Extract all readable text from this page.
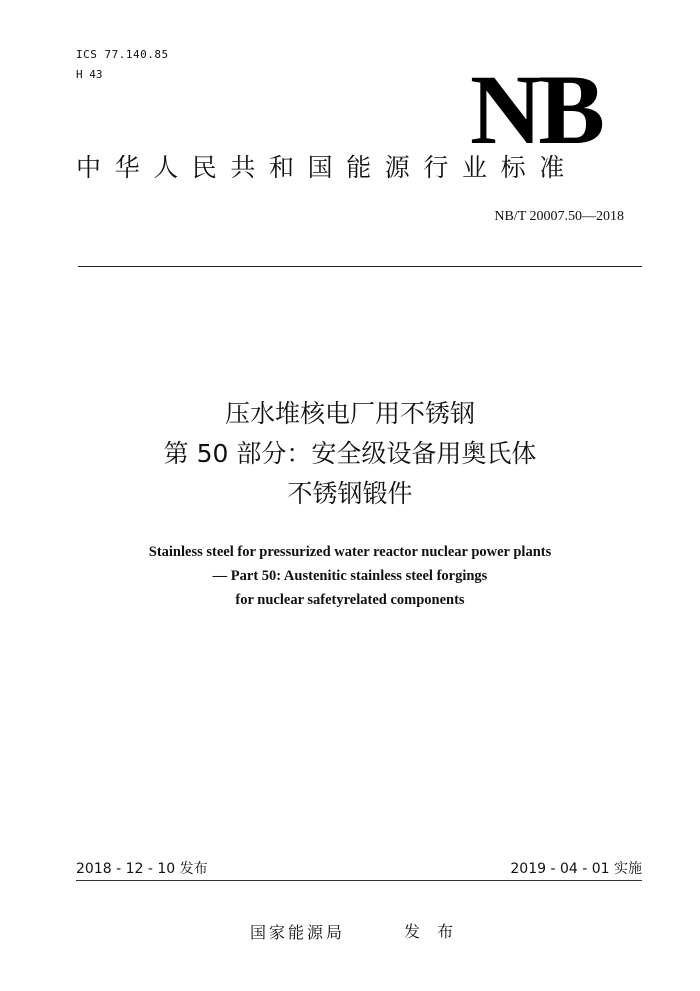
ICS 77.140.85
H 43	NB
中华人民共和国能源行业标准
NB/T 20007.50—2018
压水堆核电厂用不锈钢
第 50 部分：安全级设备用奥氏体
不锈钢锻件
Stainless steel for pressurized water reactor nuclear power plants
— Part 50: Austenitic stainless steel forgings
for nuclear safetyrelated components
2018 - 12 - 10 发布	2019 - 04 - 01 实施
国家能源局	发 布
